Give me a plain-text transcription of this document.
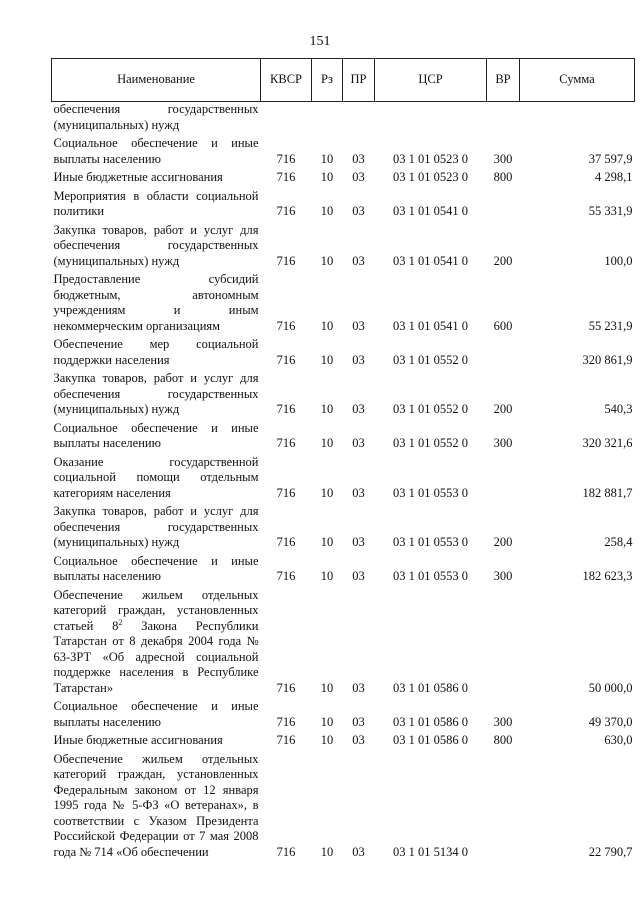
151
Наименование	КВСР	Рз	ПР	ЦСР	ВР	Сумма

обеспечения государственных (муниципальных) нужд						

Социальное обеспечение и иные выплаты населению	716	10	03	03 1 01 0523 0	300	37 597,9

Иные бюджетные ассигнования	716	10	03	03 1 01 0523 0	800	4 298,1

Мероприятия в области социальной политики	716	10	03	03 1 01 0541 0		55 331,9

Закупка товаров, работ и услуг для обеспечения государственных (муниципальных) нужд	716	10	03	03 1 01 0541 0	200	100,0

Предоставление субсидий бюджетным, автономным учреждениям и иным некоммерческим организациям	716	10	03	03 1 01 0541 0	600	55 231,9

Обеспечение мер социальной поддержки населения	716	10	03	03 1 01 0552 0		320 861,9

Закупка товаров, работ и услуг для обеспечения государственных (муниципальных) нужд	716	10	03	03 1 01 0552 0	200	540,3

Социальное обеспечение и иные выплаты населению	716	10	03	03 1 01 0552 0	300	320 321,6

Оказание государственной социальной помощи отдельным категориям населения	716	10	03	03 1 01 0553 0		182 881,7

Закупка товаров, работ и услуг для обеспечения государственных (муниципальных) нужд	716	10	03	03 1 01 0553 0	200	258,4

Социальное обеспечение и иные выплаты населению	716	10	03	03 1 01 0553 0	300	182 623,3

Обеспечение жильем отдельных категорий граждан, установленных статьей $8^2$ Закона Республики Татарстан от 8 декабря 2004 года № 63-ЗРТ «Об адресной социальной поддержке населения в Республике Татарстан»	716	10	03	03 1 01 0586 0		50 000,0

Социальное обеспечение и иные выплаты населению	716	10	03	03 1 01 0586 0	300	49 370,0

Иные бюджетные ассигнования	716	10	03	03 1 01 0586 0	800	630,0

Обеспечение жильем отдельных категорий граждан, установленных Федеральным законом от 12 января 1995 года № 5-ФЗ «О ветеранах», в соответствии с Указом Президента Российской Федерации от 7 мая 2008 года № 714 «Об обеспечении	716	10	03	03 1 01 5134 0		22 790,7
